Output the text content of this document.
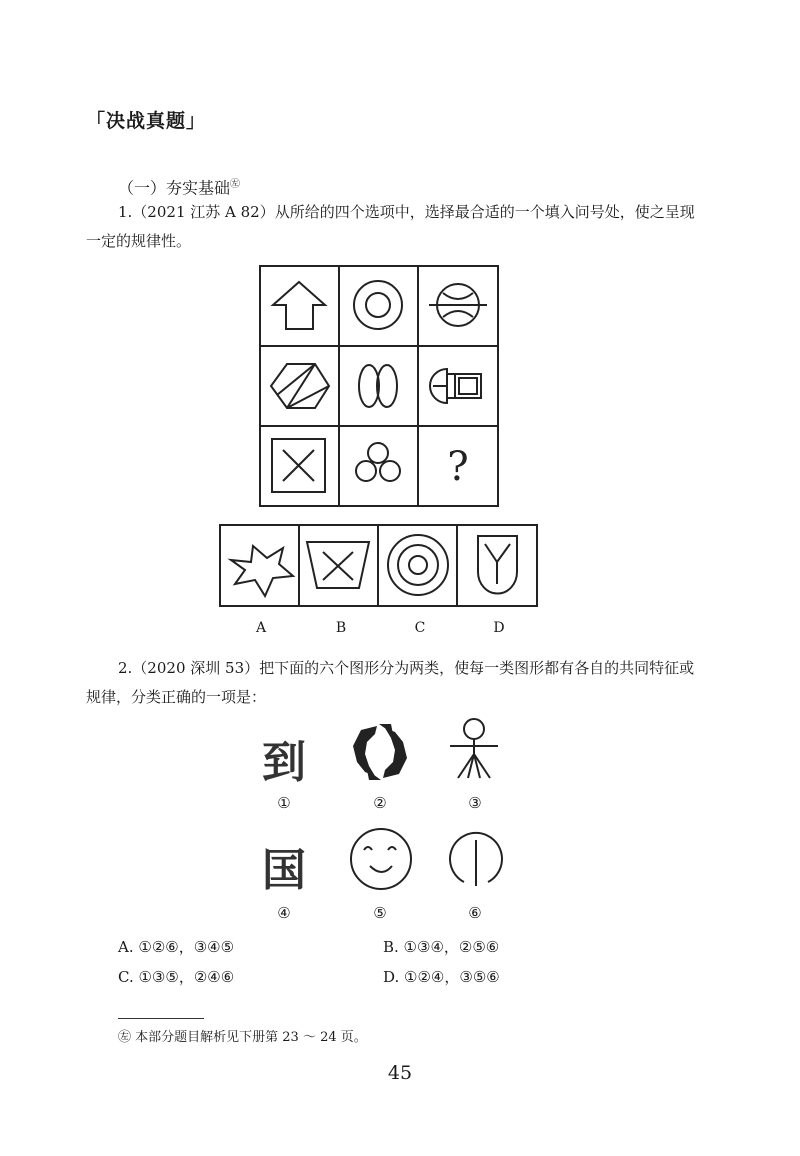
「决战真题」
（一）夯实基础㊧
1.（2021 江苏 A 82）从所给的四个选项中，选择最合适的一个填入问号处，使之呈现一定的规律性。
?
A	B	C	D
2.（2020 深圳 53）把下面的六个图形分为两类，使每一类图形都有各自的共同特征或规律，分类正确的一项是：
到
①	②	③
国
④	⑤	⑥
A. ①②⑥，③④⑤	B. ①③④，②⑤⑥
C. ①③⑤，②④⑥	D. ①②④，③⑤⑥
㊧ 本部分题目解析见下册第 23 ～ 24 页。
45
